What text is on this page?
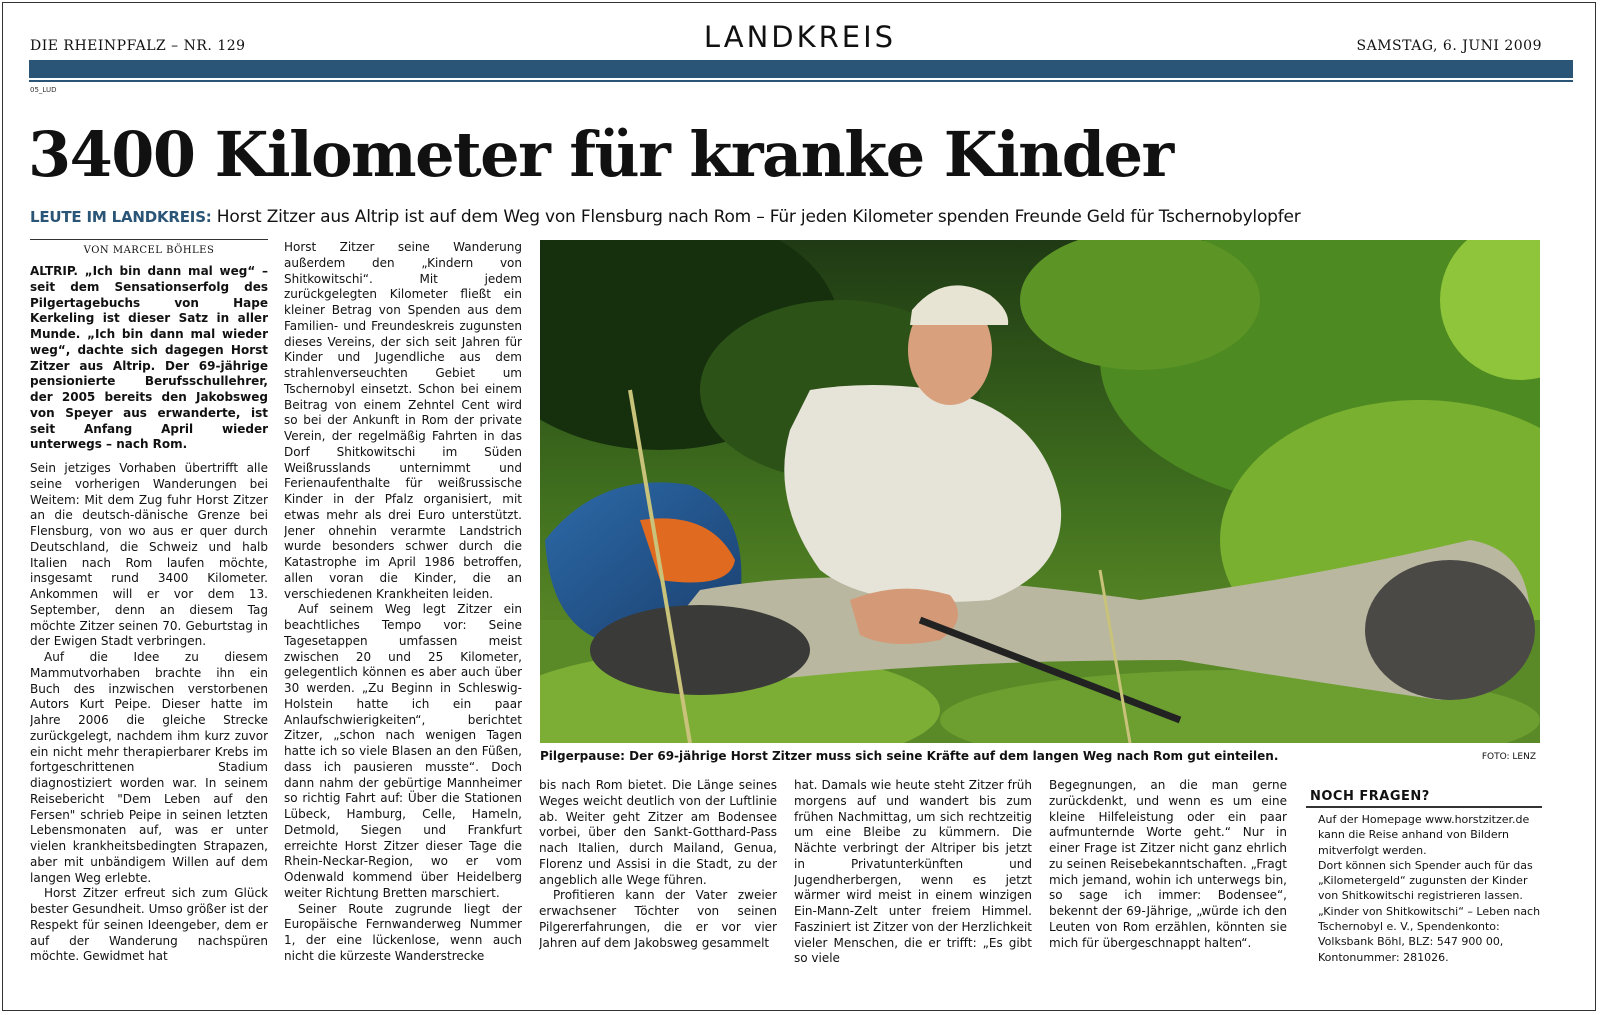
DIE RHEINPFALZ – NR. 129	LANDKREIS	SAMSTAG, 6. JUNI 2009
05_LUD
3400 Kilometer für kranke Kinder
LEUTE IM LANDKREIS: Horst Zitzer aus Altrip ist auf dem Weg von Flensburg nach Rom – Für jeden Kilometer spenden Freunde Geld für Tschernobylopfer
VON MARCEL BÖHLES

ALTRIP. „Ich bin dann mal weg“ – seit dem Sensationserfolg des Pilgertagebuchs von Hape Kerkeling ist dieser Satz in aller Munde. „Ich bin dann mal wieder weg“, dachte sich dagegen Horst Zitzer aus Altrip. Der 69-jährige pensionierte Berufsschullehrer, der 2005 bereits den Jakobsweg von Speyer aus erwanderte, ist seit Anfang April wieder unterwegs – nach Rom.

Sein jetziges Vorhaben übertrifft alle seine vorherigen Wanderungen bei Weitem: Mit dem Zug fuhr Horst Zitzer an die deutsch-dänische Grenze bei Flensburg, von wo aus er quer durch Deutschland, die Schweiz und halb Italien nach Rom laufen möchte, insgesamt rund 3400 Kilometer. Ankommen will er vor dem 13. September, denn an diesem Tag möchte Zitzer seinen 70. Geburtstag in der Ewigen Stadt verbringen.

Auf die Idee zu diesem Mammutvorhaben brachte ihn ein Buch des inzwischen verstorbenen Autors Kurt Peipe. Dieser hatte im Jahre 2006 die gleiche Strecke zurückgelegt, nachdem ihm kurz zuvor ein nicht mehr therapierbarer Krebs im fortgeschrittenen Stadium diagnostiziert worden war. In seinem Reisebericht "Dem Leben auf den Fersen" schrieb Peipe in seinen letzten Lebensmonaten auf, was er unter vielen krankheitsbedingten Strapazen, aber mit unbändigem Willen auf dem langen Weg erlebte.

Horst Zitzer erfreut sich zum Glück bester Gesundheit. Umso größer ist der Respekt für seinen Ideengeber, dem er auf der Wanderung nachspüren möchte. Gewidmet hat

Horst Zitzer seine Wanderung außerdem den „Kindern von Shitkowitschi“. Mit jedem zurückgelegten Kilometer fließt ein kleiner Betrag von Spenden aus dem Familien- und Freundeskreis zugunsten dieses Vereins, der sich seit Jahren für Kinder und Jugendliche aus dem strahlenverseuchten Gebiet um Tschernobyl einsetzt. Schon bei einem Beitrag von einem Zehntel Cent wird so bei der Ankunft in Rom der private Verein, der regelmäßig Fahrten in das Dorf Shitkowitschi im Süden Weißrusslands unternimmt und Ferienaufenthalte für weißrussische Kinder in der Pfalz organisiert, mit etwas mehr als drei Euro unterstützt. Jener ohnehin verarmte Landstrich wurde besonders schwer durch die Katastrophe im April 1986 betroffen, allen voran die Kinder, die an verschiedenen Krankheiten leiden.

Auf seinem Weg legt Zitzer ein beachtliches Tempo vor: Seine Tagesetappen umfassen meist zwischen 20 und 25 Kilometer, gelegentlich können es aber auch über 30 werden. „Zu Beginn in Schleswig-Holstein hatte ich ein paar Anlaufschwierigkeiten“, berichtet Zitzer, „schon nach wenigen Tagen hatte ich so viele Blasen an den Füßen, dass ich pausieren musste“. Doch dann nahm der gebürtige Mannheimer so richtig Fahrt auf: Über die Stationen Lübeck, Hamburg, Celle, Hameln, Detmold, Siegen und Frankfurt erreichte Horst Zitzer dieser Tage die Rhein-Neckar-Region, wo er vom Odenwald kommend über Heidelberg weiter Richtung Bretten marschiert.

Seiner Route zugrunde liegt der Europäische Fernwanderweg Nummer 1, der eine lückenlose, wenn auch nicht die kürzeste Wanderstrecke

Pilgerpause: Der 69-jährige Horst Zitzer muss sich seine Kräfte auf dem langen Weg nach Rom gut einteilen.	FOTO: LENZ

bis nach Rom bietet. Die Länge seines Weges weicht deutlich von der Luftlinie ab. Weiter geht Zitzer am Bodensee vorbei, über den Sankt-Gotthard-Pass nach Italien, durch Mailand, Genua, Florenz und Assisi in die Stadt, zu der angeblich alle Wege führen.

Profitieren kann der Vater zweier erwachsener Töchter von seinen Pilgererfahrungen, die er vor vier Jahren auf dem Jakobsweg gesammelt

hat. Damals wie heute steht Zitzer früh morgens auf und wandert bis zum frühen Nachmittag, um sich rechtzeitig um eine Bleibe zu kümmern. Die Nächte verbringt der Altriper bis jetzt in Privatunterkünften und Jugendherbergen, wenn es jetzt wärmer wird meist in einem winzigen Ein-Mann-Zelt unter freiem Himmel. Fasziniert ist Zitzer von der Herzlichkeit vieler Menschen, die er trifft: „Es gibt so viele

Begegnungen, an die man gerne zurückdenkt, und wenn es um eine kleine Hilfeleistung oder ein paar aufmunternde Worte geht.“ Nur in einer Frage ist Zitzer nicht ganz ehrlich zu seinen Reisebekanntschaften. „Fragt mich jemand, wohin ich unterwegs bin, so sage ich immer: Bodensee“, bekennt der 69-Jährige, „würde ich den Leuten von Rom erzählen, könnten sie mich für übergeschnappt halten“.

NOCH FRAGEN?

Auf der Homepage www.horstzitzer.de kann die Reise anhand von Bildern mitverfolgt werden.

Dort können sich Spender auch für das „Kilometergeld“ zugunsten der Kinder von Shitkowitschi registrieren lassen. „Kinder von Shitkowitschi“ – Leben nach Tschernobyl e. V., Spendenkonto: Volksbank Böhl, BLZ: 547 900 00, Kontonummer: 281026.
